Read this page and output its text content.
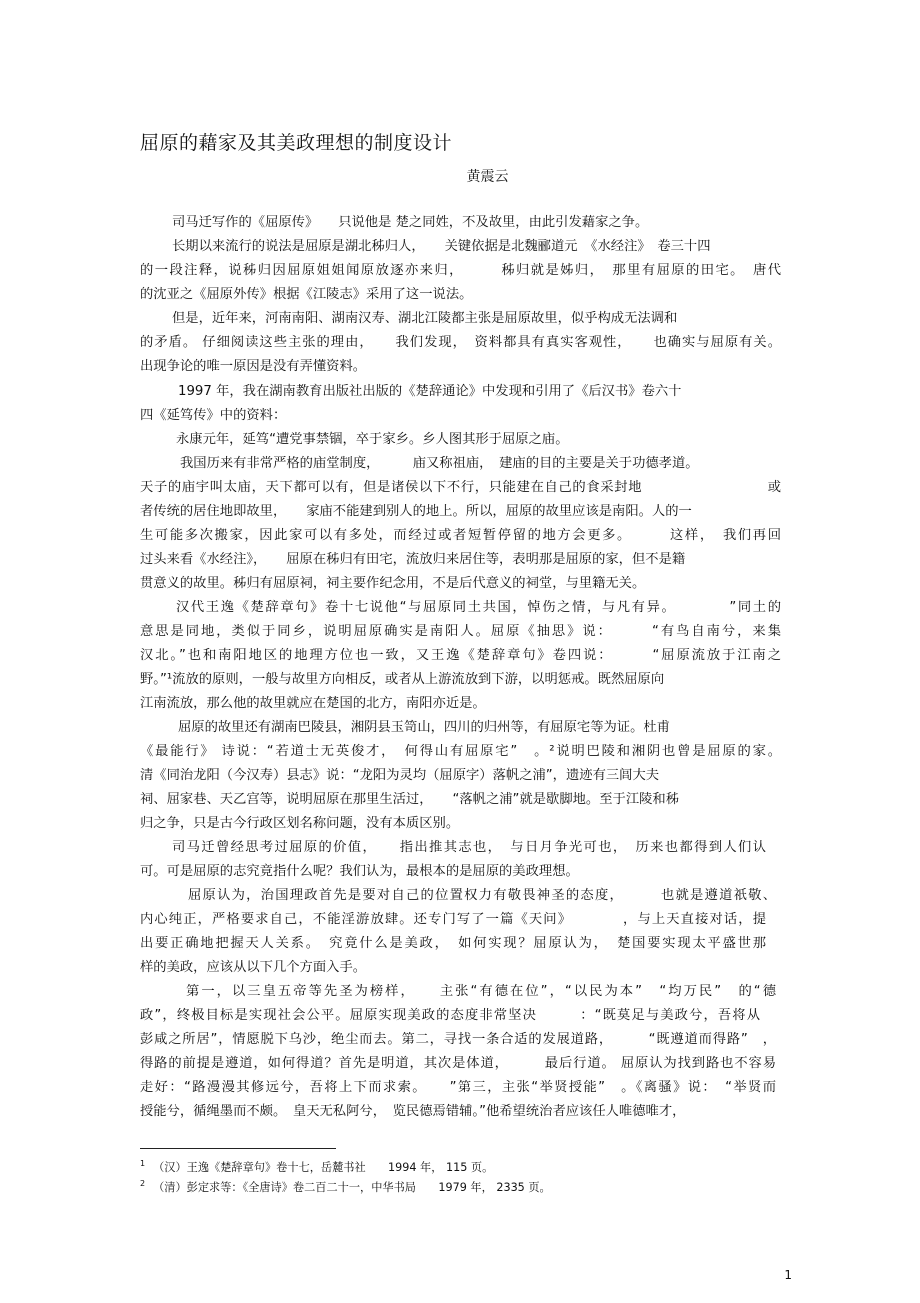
屈原的藉家及其美政理想的制度设计
黄震云
司马迁写作的《屈原传》　　只说他是 楚之同姓，不及故里，由此引发藉家之争。
长期以来流行的说法是屈原是湖北秭归人，　　关键依据是北魏郦道元　《水经注》　卷三十四
的一段注释，说秭归因屈原姐姐闻原放逐亦来归，　　　秭归就是姊归，　那里有屈原的田宅。　唐代
的沈亚之《屈原外传》根据《江陵志》采用了这一说法。
但是，近年来，河南南阳、湖南汉寿、湖北江陵都主张是屈原故里，似乎构成无法调和
的矛盾。 仔细阅读这些主张的理由，　　我们发现，　资料都具有真实客观性，　　也确实与屈原有关。
出现争论的唯一原因是没有弄懂资料。
1997 年，我在湖南教育出版社出版的《楚辞通论》中发现和引用了《后汉书》卷六十
四《延笃传》中的资料：
永康元年，延笃“遭党事禁锢，卒于家乡。乡人图其形于屈原之庙。
我国历来有非常严格的庙堂制度，　　　庙又称祖庙，　建庙的目的主要是关于功德孝道。
天子的庙宇叫太庙，天下都可以有，但是诸侯以下不行，只能建在自己的食采封地　　　　　　　　　或
者传统的居住地即故里，　　家庙不能建到别人的地上。所以，屈原的故里应该是南阳。人的一
生可能多次搬家，因此家可以有多处，而经过或者短暂停留的地方会更多。　　　这样，　我们再回
过头来看《水经注》，　　屈原在秭归有田宅，流放归来居住等，表明那是屈原的家，但不是籍
贯意义的故里。秭归有屈原祠，祠主要作纪念用，不是后代意义的祠堂，与里籍无关。
汉代王逸《楚辞章句》卷十七说他“与屈原同土共国，悼伤之情，与凡有异。　　　　”同土的
意思是同地，类似于同乡，说明屈原确实是南阳人。屈原《抽思》说：　　　“有鸟自南兮，来集
汉北。”也和南阳地区的地理方位也一致，又王逸《楚辞章句》卷四说：　　　“屈原流放于江南之
野。”¹流放的原则，一般与故里方向相反，或者从上游流放到下游，以明惩戒。既然屈原向
江南流放，那么他的故里就应在楚国的北方，南阳亦近是。
屈原的故里还有湖南巴陵县，湘阴县玉笥山，四川的归州等，有屈原宅等为证。杜甫
《最能行》 诗说：“若道士无英俊才，　何得山有屈原宅”　。²说明巴陵和湘阴也曾是屈原的家。
清《同治龙阳（今汉寿）县志》说：“龙阳为灵均（屈原字）落帆之浦”，遗迹有三闾大夫
祠、屈家巷、天乙宫等，说明屈原在那里生活过，　　“落帆之浦”就是歇脚地。至于江陵和秭
归之争，只是古今行政区划名称问题，没有本质区别。
司马迁曾经思考过屈原的价值，　　指出推其志也，　与日月争光可也，　历来也都得到人们认
可。可是屈原的志究竟指什么呢？我们认为，最根本的是屈原的美政理想。
屈原认为，治国理政首先是要对自己的位置权力有敬畏神圣的态度，　　　也就是遵道祇敬、
内心纯正，严格要求自己，不能淫游放肆。还专门写了一篇《天问》　　　　，与上天直接对话，提
出要正确地把握天人关系。　究竟什么是美政，　如何实现？屈原认为，　楚国要实现太平盛世那
样的美政，应该从以下几个方面入手。
第一，以三皇五帝等先圣为榜样，　　主张“有德在位”，“以民为本”　“均万民”　的“德
政”，终极目标是实现社会公平。屈原实现美政的态度非常坚决　　　：“既莫足与美政兮，吾将从
彭咸之所居”，情愿脱下乌沙，绝尘而去。第二，寻找一条合适的发展道路，　　　“既遵道而得路”　，
得路的前提是遵道，如何得道？首先是明道，其次是体道，　　　最后行道。 屈原认为找到路也不容易
走好：“路漫漫其修远兮，吾将上下而求索。　　”第三，主张“举贤授能”　。《离骚》说：　“举贤而
授能兮，循绳墨而不颇。　皇天无私阿兮，　览民德焉错辅。”他希望统治者应该任人唯德唯才，
$^1$ （汉）王逸《楚辞章句》卷十七，岳麓书社　　1994 年， 115 页。
$^2$ （清）彭定求等：《全唐诗》卷二百二十一，中华书局　　1979 年， 2335 页。
1
